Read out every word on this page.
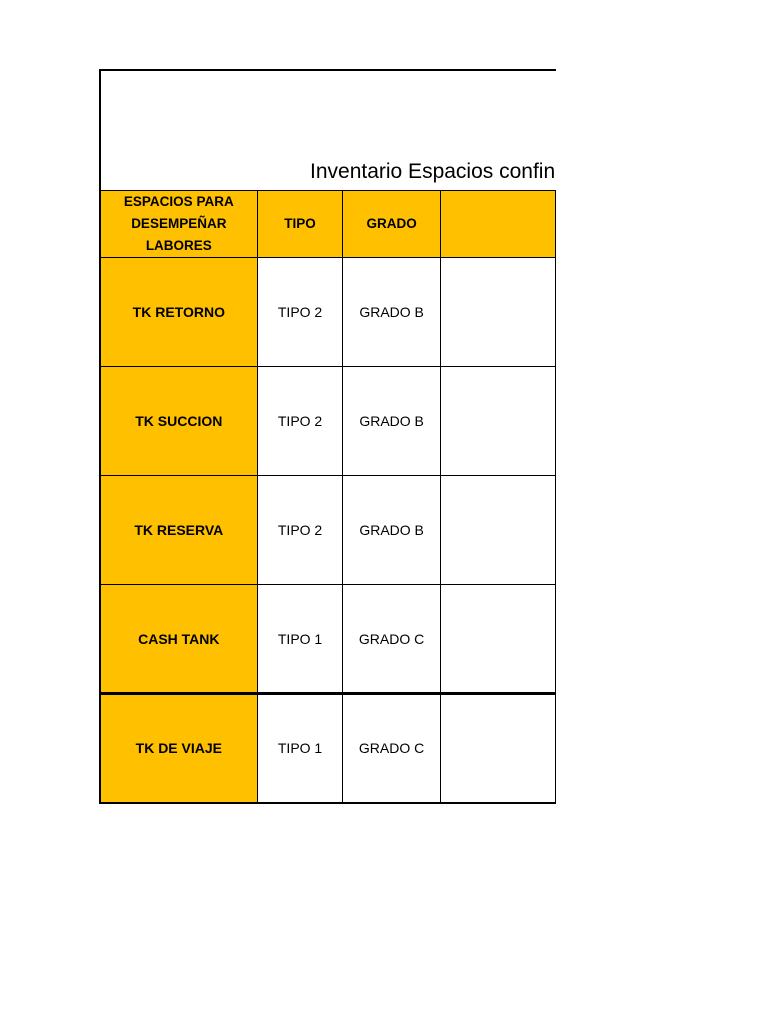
Inventario Espacios confin
ESPACIOS PARA DESEMPEÑAR LABORES	TIPO	GRADO	
TK RETORNO	TIPO 2	GRADO B	
TK SUCCION	TIPO 2	GRADO B	
TK RESERVA	TIPO 2	GRADO B	
CASH TANK	TIPO 1	GRADO C	
TK DE VIAJE	TIPO 1	GRADO C	
